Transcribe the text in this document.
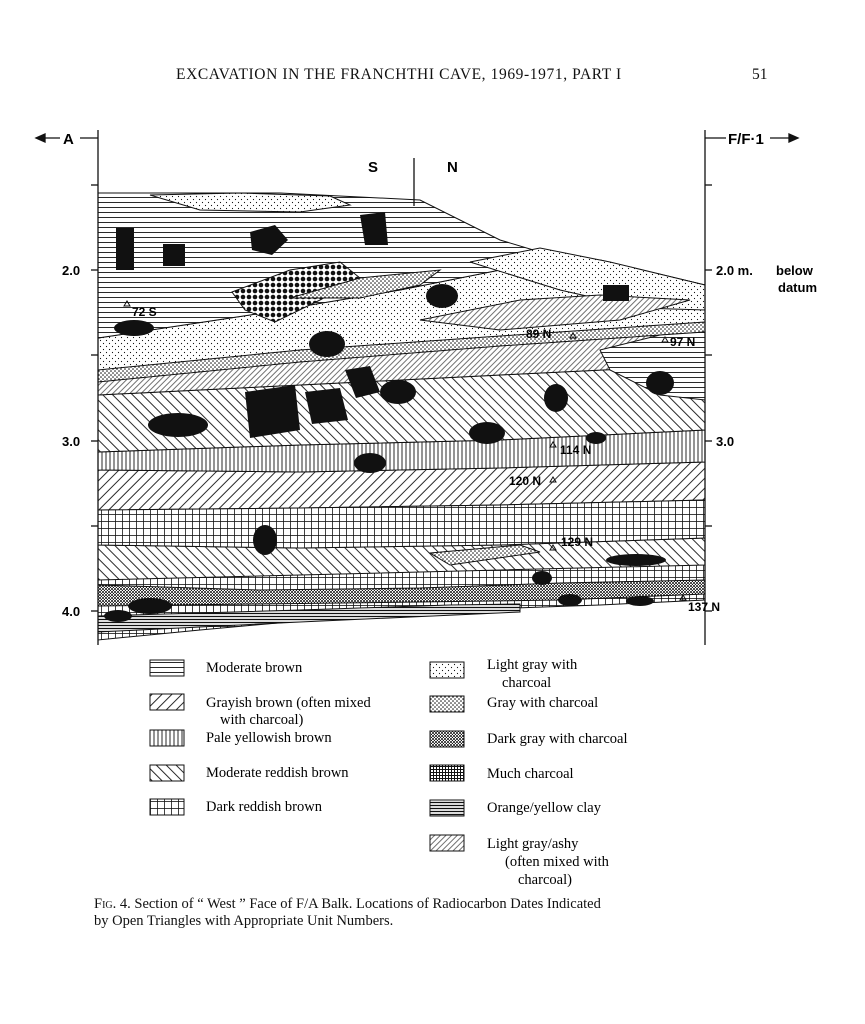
EXCAVATION IN THE FRANCHTHI CAVE, 1969-1971, PART I	51
A	F/F·1
S	N
2.0
3.0
4.0
2.0 m. below
datum
3.0
72 S
89 N
97 N
114 N
120 N
129 N
137 N
Moderate brown
Grayish brown (often mixed
with charcoal)
Pale yellowish brown
Moderate reddish brown
Dark reddish brown
Light gray with
charcoal
Gray with charcoal
Dark gray with charcoal
Much charcoal
Orange/yellow clay
Light gray/ashy
(often mixed with
charcoal)
Fig. 4. Section of “ West ” Face of F/A Balk. Locations of Radiocarbon Dates Indicated
by Open Triangles with Appropriate Unit Numbers.
